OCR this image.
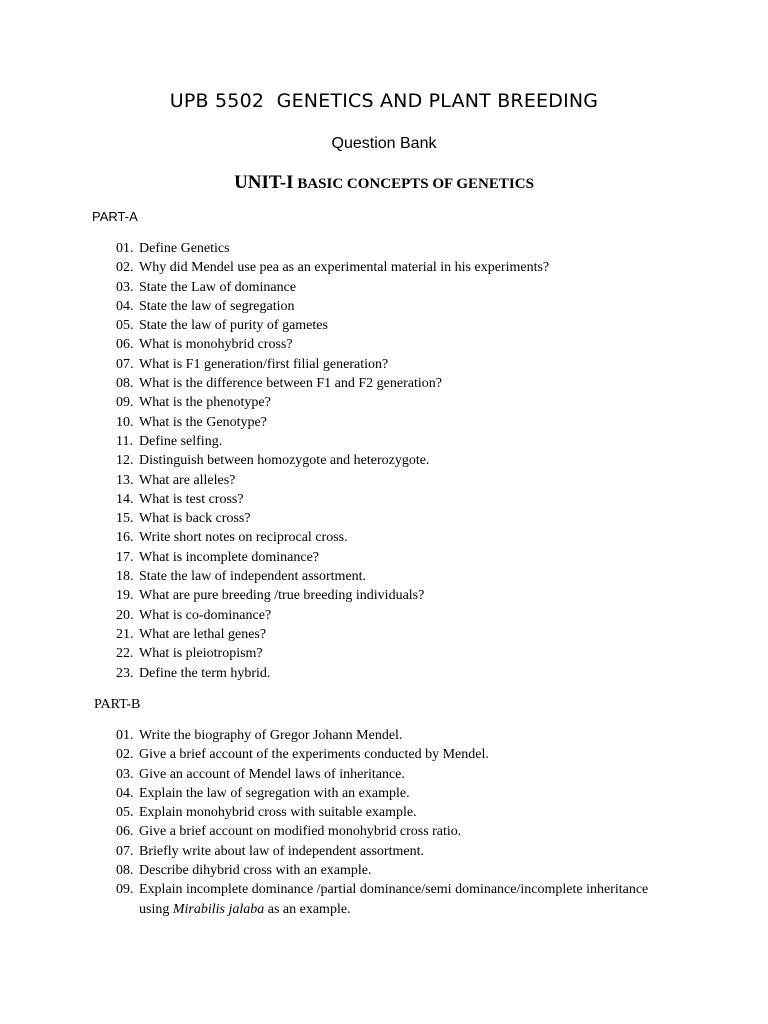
UPB 5502  GENETICS AND PLANT BREEDING
Question Bank
UNIT-I BASIC CONCEPTS OF GENETICS
PART-A
01. Define Genetics
02. Why did Mendel use pea as an experimental material in his experiments?
03. State the Law of dominance
04. State the law of segregation
05. State the law of purity of gametes
06. What is monohybrid cross?
07. What is F1 generation/first filial generation?
08. What is the difference between F1 and F2 generation?
09. What is the phenotype?
10. What is the Genotype?
11. Define selfing.
12. Distinguish between homozygote and heterozygote.
13. What are alleles?
14. What is test cross?
15. What is back cross?
16. Write short notes on reciprocal cross.
17. What is incomplete dominance?
18. State the law of independent assortment.
19. What are pure breeding /true breeding individuals?
20. What is co-dominance?
21. What are lethal genes?
22. What is pleiotropism?
23. Define the term hybrid.
PART-B
01. Write the biography of Gregor Johann Mendel.
02. Give a brief account of the experiments conducted by Mendel.
03. Give an account of Mendel laws of inheritance.
04. Explain the law of segregation with an example.
05. Explain monohybrid cross with suitable example.
06. Give a brief account on modified monohybrid cross ratio.
07. Briefly write about law of independent assortment.
08. Describe dihybrid cross with an example.
09. Explain incomplete dominance /partial dominance/semi dominance/incomplete inheritance using Mirabilis jalaba as an example.
